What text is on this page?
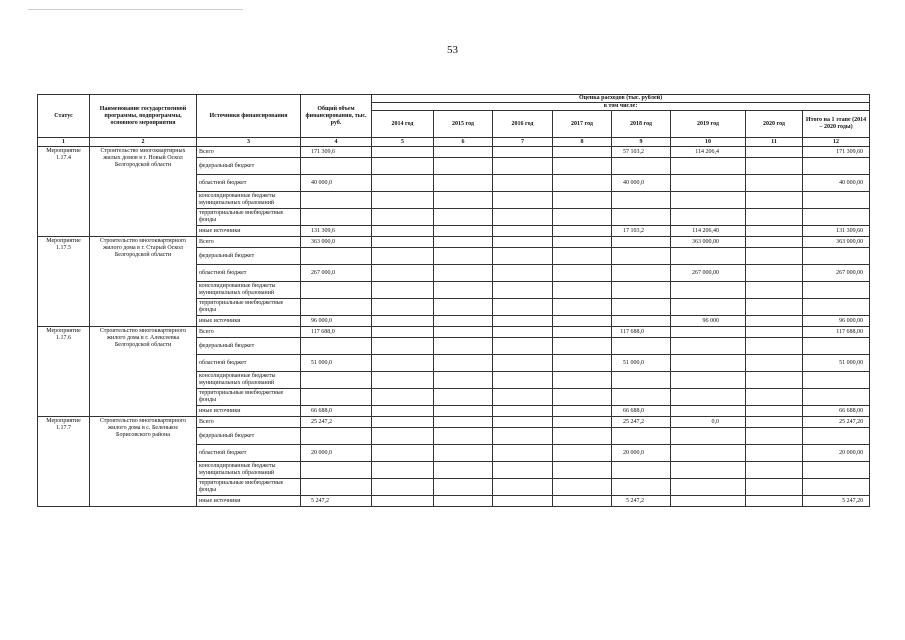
53
Статус	Наименование государственной программы, подпрограммы, основного мероприятия	Источники финансирования	Общий объем финансирования, тыс. руб.	Оценка расходов (тыс. рублей)							
				в том числе:							
				2014 год	2015 год	2016 год	2017 год	2018 год	2019 год	2020 год	Итого на 1 этапе (2014 – 2020 годы)
1	2	3	4	5	6	7	8	9	10	11	12
Мероприятие 1.17.4	Строительство многоквартирных жилых домов в г. Новый Оскол Белгородской области	Всего	171 309,6					57 103,2	114 206,4		171 309,60
		федеральный бюджет									
		областной бюджет	40 000,0					40 000,0			40 000,00
		консолидированные бюджеты муниципальных образований									
		территориальные внебюджетные фонды									
		иные источники	131 309,6					17 103,2	114 206,40		131 309,60
Мероприятие 1.17.5	Строительство многоквартирного жилого дома в г. Старый Оскол Белгородской области	Всего	363 000,0						363 000,00		363 000,00
		федеральный бюджет									
		областной бюджет	267 000,0						267 000,00		267 000,00
		консолидированные бюджеты муниципальных образований									
		территориальные внебюджетные фонды									
		иные источники	96 000,0						96 000		96 000,00
Мероприятие 1.17.6	Строительство многоквартирного жилого дома в г. Алексеевка Белгородской области	Всего	117 688,0					117 688,0			117 688,00
		федеральный бюджет									
		областной бюджет	51 000,0					51 000,0			51 000,00
		консолидированные бюджеты муниципальных образований									
		территориальные внебюджетные фонды									
		иные источники	66 688,0					66 688,0			66 688,00
Мероприятие 1.17.7	Строительство многоквартирного жилого дома в с. Беленькое Борисовского района	Всего	25 247,2					25 247,2	0,0		25 247,20
		федеральный бюджет									
		областной бюджет	20 000,0					20 000,0			20 000,00
		консолидированные бюджеты муниципальных образований									
		территориальные внебюджетные фонды									
		иные источники	5 247,2					5 247,2			5 247,20
